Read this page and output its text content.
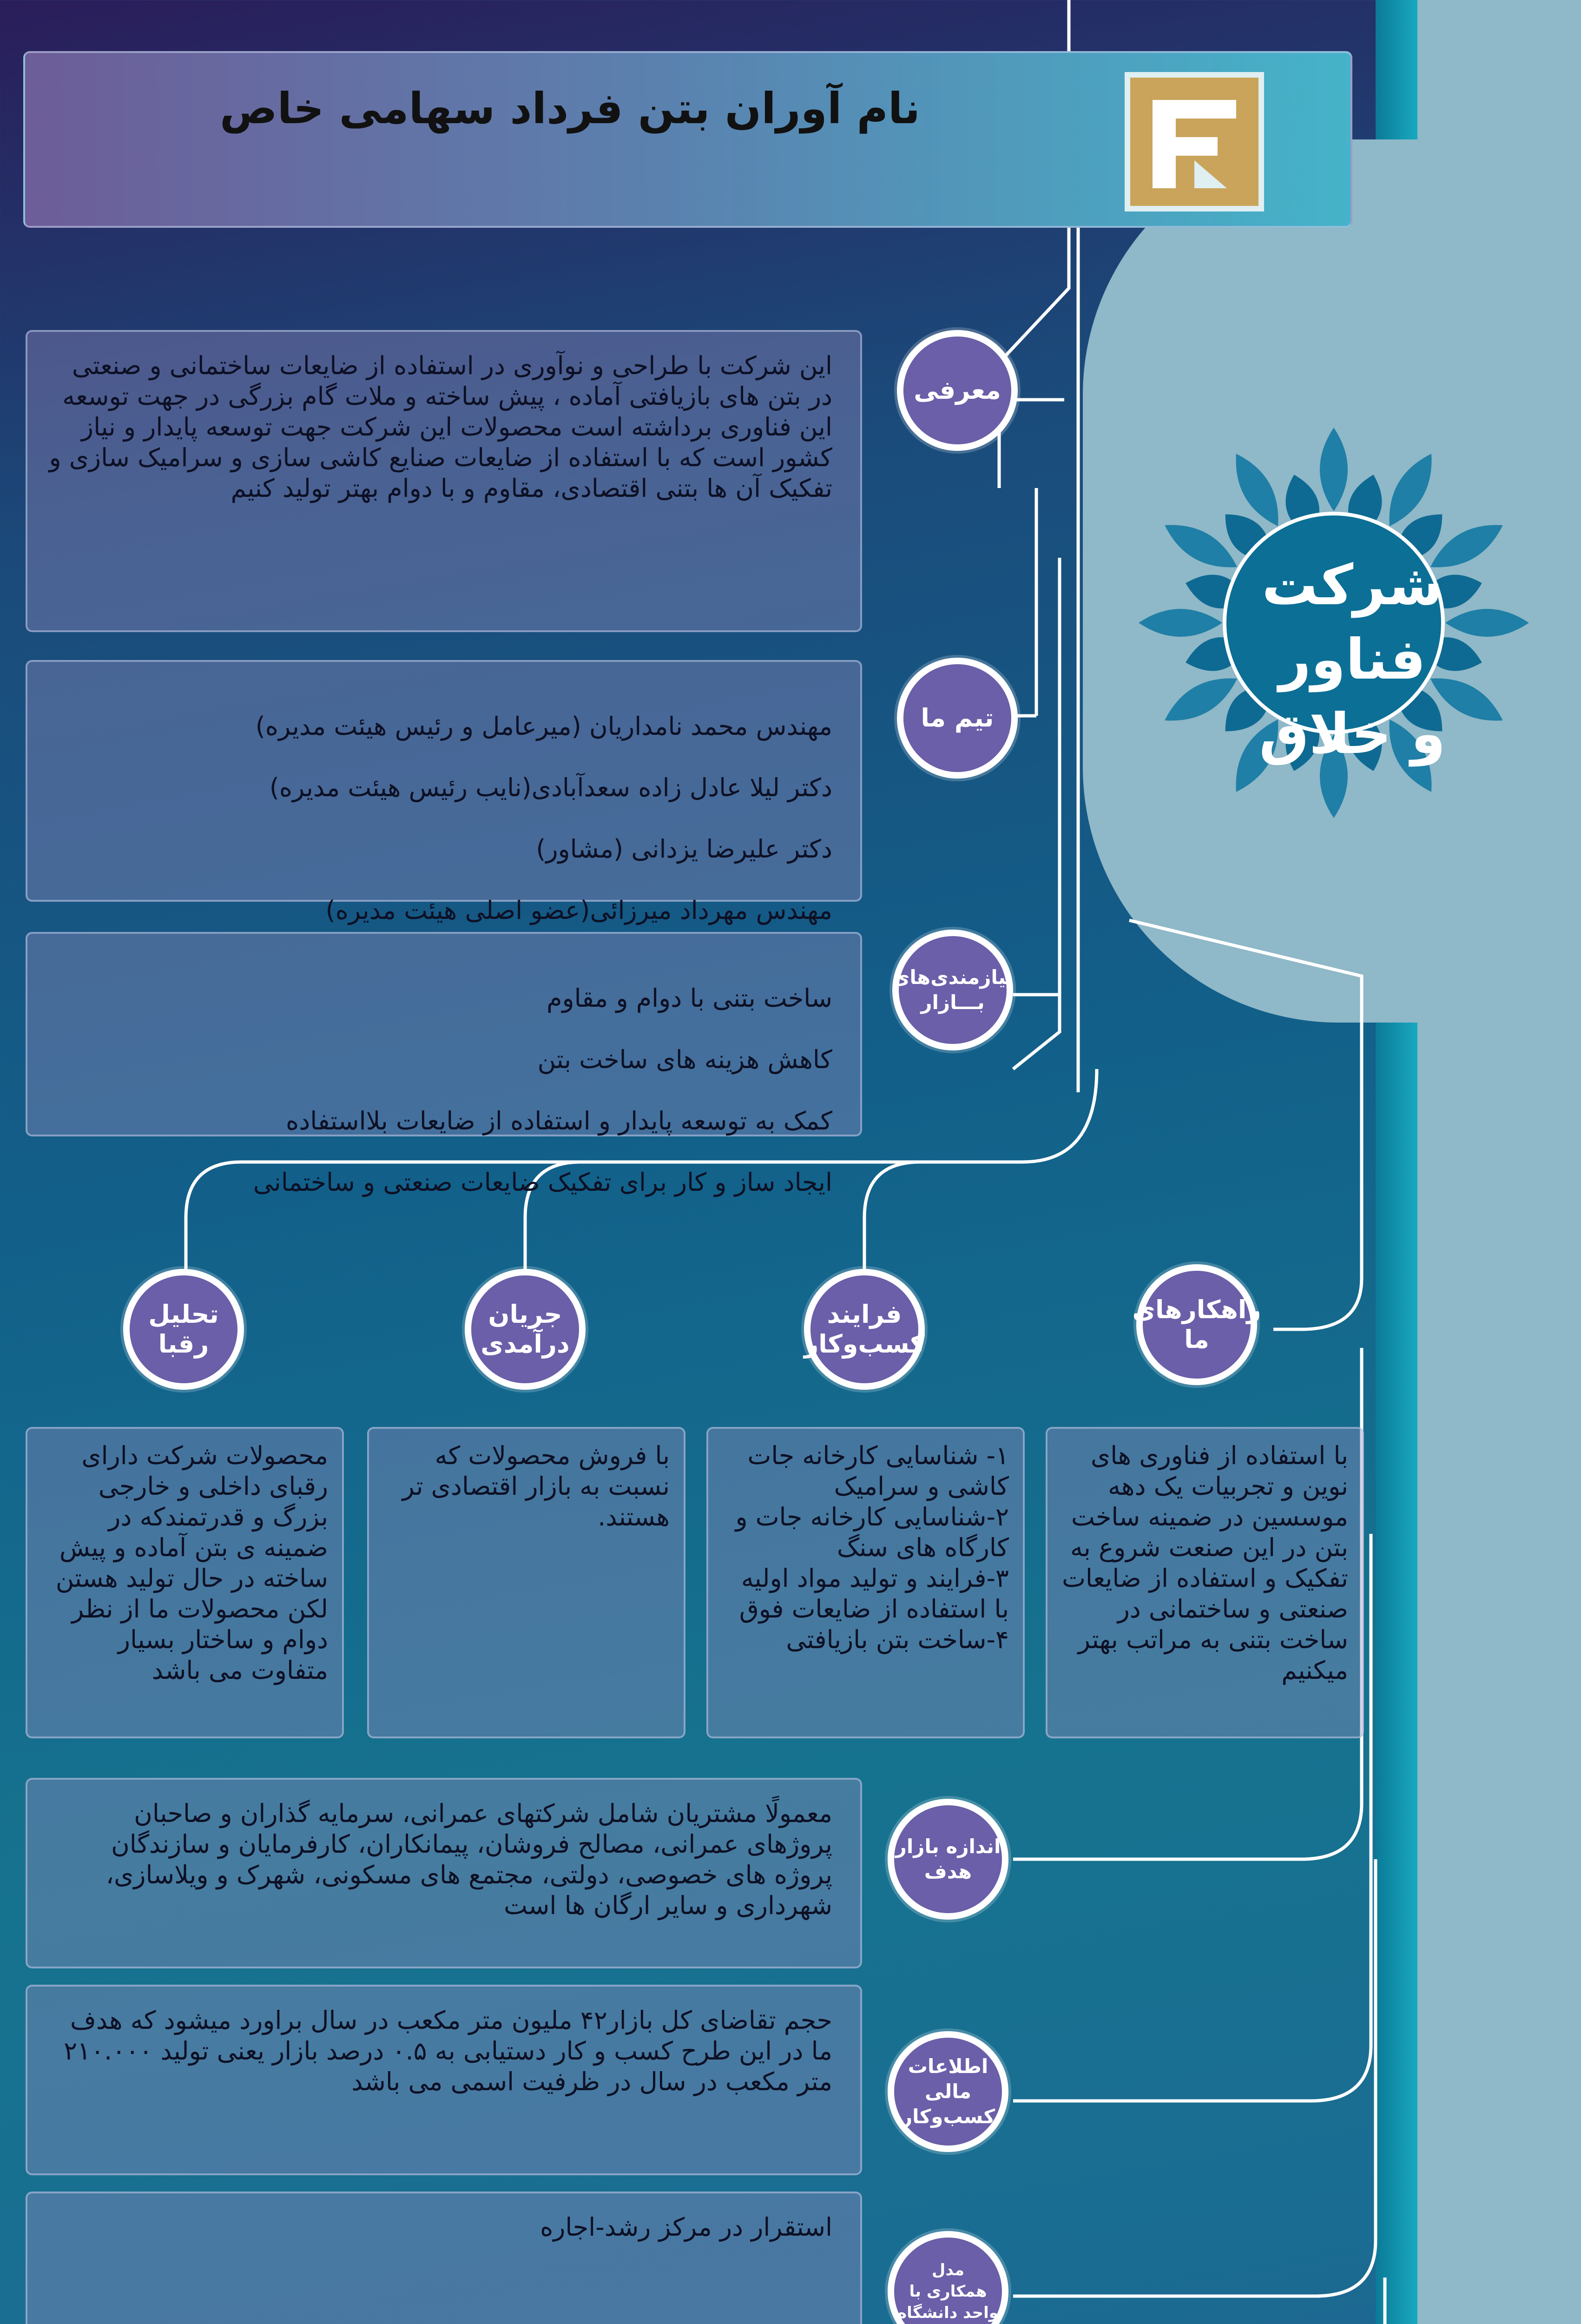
نام آوران بتن فرداد سهامی خاص
شرکت فناور
و خلاق
این شرکت با طراحی و نوآوری در استفاده از ضایعات ساختمانی و صنعتی در بتن های بازیافتی آماده ، پیش ساخته و ملات گام بزرگی در جهت توسعه این فناوری برداشته است محصولات این شرکت جهت توسعه پایدار و نیاز کشور است که با استفاده از ضایعات صنایع کاشی سازی و سرامیک سازی و تفکیک آن ها بتنی اقتصادی، مقاوم و با دوام بهتر تولید کنیم
معرفی

مهندس محمد نامداریان (میرعامل و رئیس هیئت مدیره)

دکتر لیلا عادل زاده سعدآبادی(نایب رئیس هیئت مدیره)

دکتر علیرضا یزدانی (مشاور)

مهندس مهرداد میرزائی(عضو اصلی هیئت مدیره)

تیم ما

ساخت بتنی با دوام و مقاوم

کاهش هزینه های ساخت بتن

کمک به توسعه پایدار و استفاده از ضایعات بلااستفاده

ایجاد ساز و کار برای تفکیک ضایعات صنعتی و ساختمانی

نیازمندی‌های
بـــازار
راهکارهای
ما
فرایند
کسب‌وکار
جریان
درآمدی
تحلیل رقبا
با استفاده از فناوری های نوین و تجربیات یک دهه موسسین در ضمینه ساخت بتن در این صنعت شروع به تفکیک و استفاده از ضایعات صنعتی و ساختمانی در ساخت بتنی به مراتب بهتر میکنیم
۱- شناسایی کارخانه جات کاشی و سرامیک
۲-شناسایی کارخانه جات و کارگاه های سنگ
۳-فرایند و تولید مواد اولیه با استفاده از ضایعات فوق
۴-ساخت بتن بازیافتی
با فروش محصولات که نسبت به بازار اقتصادی تر هستند.
محصولات شرکت دارای رقبای داخلی و خارجی بزرگ و قدرتمندکه در ضمینه ی بتن آماده و پیش ساخته در حال تولید هستن لکن محصولات ما از نظر دوام و ساختار بسیار متفاوت می باشد
معمولًا مشتریان شامل شرکتهای عمرانی، سرمایه گذاران و صاحبان پروژهای عمرانی، مصالح فروشان، پیمانکاران، کارفرمایان و سازندگان پروژه های خصوصی، دولتی، مجتمع های مسکونی، شهرک و ویلاسازی، شهرداری و سایر ارگان ها است
اندازه بازار
هدف
حجم تقاضای کل بازار۴۲ ملیون متر مکعب در سال براورد میشود که هدف ما در این طرح کسب و کار دستیابی به ۰.۵ درصد بازار یعنی تولید ۲۱۰.۰۰۰ متر مکعب در سال در ظرفیت اسمی می باشد
اطلاعات مالی
کسب‌وکار
استقرار در مرکز رشد-اجاره
مدل
همکاری با
واحد دانشگاه
